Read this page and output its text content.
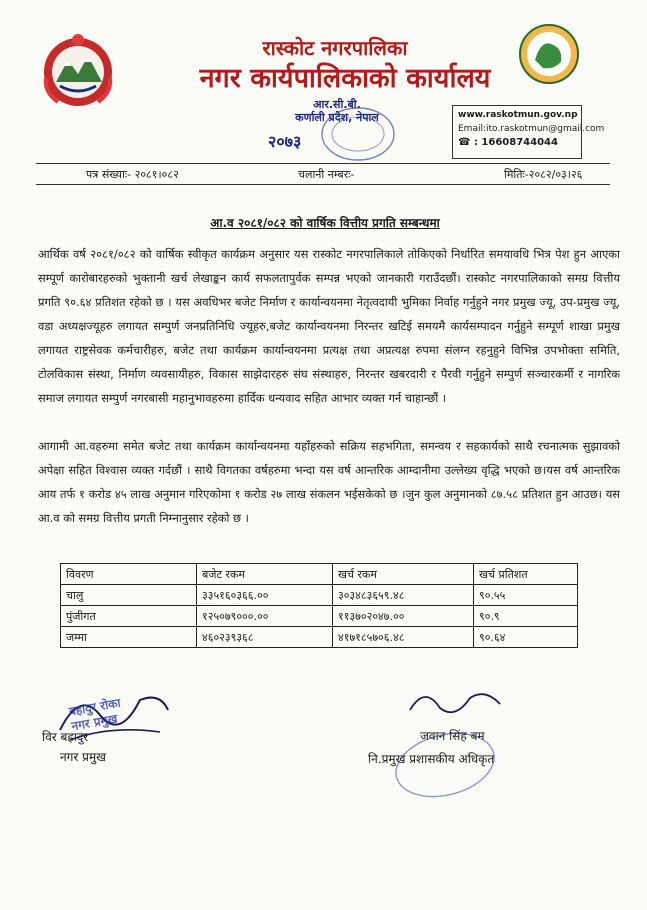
रास्कोट नगरपालिका
नगर कार्यपालिकाको कार्यालय
आर.सी.बी.
कर्णाली प्रदेश, नेपाल
२०७३
www.raskotmun.gov.np
Email:ito.raskotmun@gmail.com
☎ : 16608744044
पत्र संख्याः- २०८१।०८२	चलानी नम्बरः-	मितिः-२०८२/०३।२६
आ.व २०८१/०८२ को वार्षिक वित्तीय प्रगति सम्बन्धमा
आर्थिक वर्ष २०८१/०८२ को वार्षिक स्वीकृत कार्यक्रम अनुसार यस रास्कोट नगरपालिकाले तोकिएको निर्धारित समयावधि भित्र पेश हुन आएका सम्पूर्ण कारोबारहरुको भुक्तानी खर्च लेखाङ्कन कार्य सफलतापुर्वक सम्पन्न भएको जानकारी गराउँदछौं। रास्कोट नगरपालिकाको समग्र वित्तीय प्रगति ९०.६४ प्रतिशत रहेको छ । यस अवधिभर बजेट निर्माण र कार्यान्वयनमा नेतृत्वदायी भुमिका निर्वाह गर्नुहुने नगर प्रमुख ज्यू, उप-प्रमुख ज्यू, वडा अध्यक्षज्यूहरु लगायत सम्पुर्ण जनप्रतिनिधि ज्यूहरु,बजेट कार्यान्वयनमा निरन्तर खटिई समयमै कार्यसम्पादन गर्नुहुने सम्पूर्ण शाखा प्रमुख लगायत राष्ट्रसेवक कर्मचारीहरु, बजेट तथा कार्यक्रम कार्यान्वयनमा प्रत्यक्ष तथा अप्रत्यक्ष रुपमा संलग्न रहनुहुने विभिन्न उपभोक्ता समिति, टोलविकास संस्था, निर्माण व्यवसायीहरु, विकास साझेदारहरु संघ संस्थाहरु, निरन्तर खबरदारी र पैरवी गर्नुहुने सम्पुर्ण सञ्चारकर्मी र नागरिक समाज लगायत सम्पुर्ण नगरबासी महानुभावहरुमा हार्दिक धन्यवाद सहित आभार व्यक्त गर्न चाहान्छौं ।
आगामी आ.वहरुमा समेत बजेट तथा कार्यक्रम कार्यान्वयनमा यहाँहरुको सक्रिय सहभगिता, समन्वय र सहकार्यको साथै रचनात्मक सुझावको अपेक्षा सहित विश्वास व्यक्त गर्दछौं । साथै विगतका वर्षहरुमा भन्दा यस वर्ष आन्तरिक आम्दानीमा उल्लेख्य वृद्धि भएको छ।यस वर्ष आन्तरिक आय तर्फ १ करोड ४५ लाख अनुमान गरिएकोमा १ करोड २७ लाख संकलन भईसकेको छ ।जुन कुल अनुमानको ८७.५८ प्रतिशत हुन आउछ। यस आ.व को समग्र वित्तीय प्रगती निम्नानुसार रहेको छ ।
विवरण	बजेट रकम	खर्च रकम	खर्च प्रतिशत
चालु	३३५१६०३६६.००	३०३४८३६५९.४८	९०.५५
पुंजीगत	१२५०७९०००.००	११३७०२०४७.००	९०.९
जम्मा	४६०२३९३६८	४१७१८५७०६.४८	९०.६४
बहादुर रोका
नगर प्रमुख
विर बहादुर
नगर प्रमुख
जवान सिंह बम
नि.प्रमुख प्रशासकीय अधिकृत
